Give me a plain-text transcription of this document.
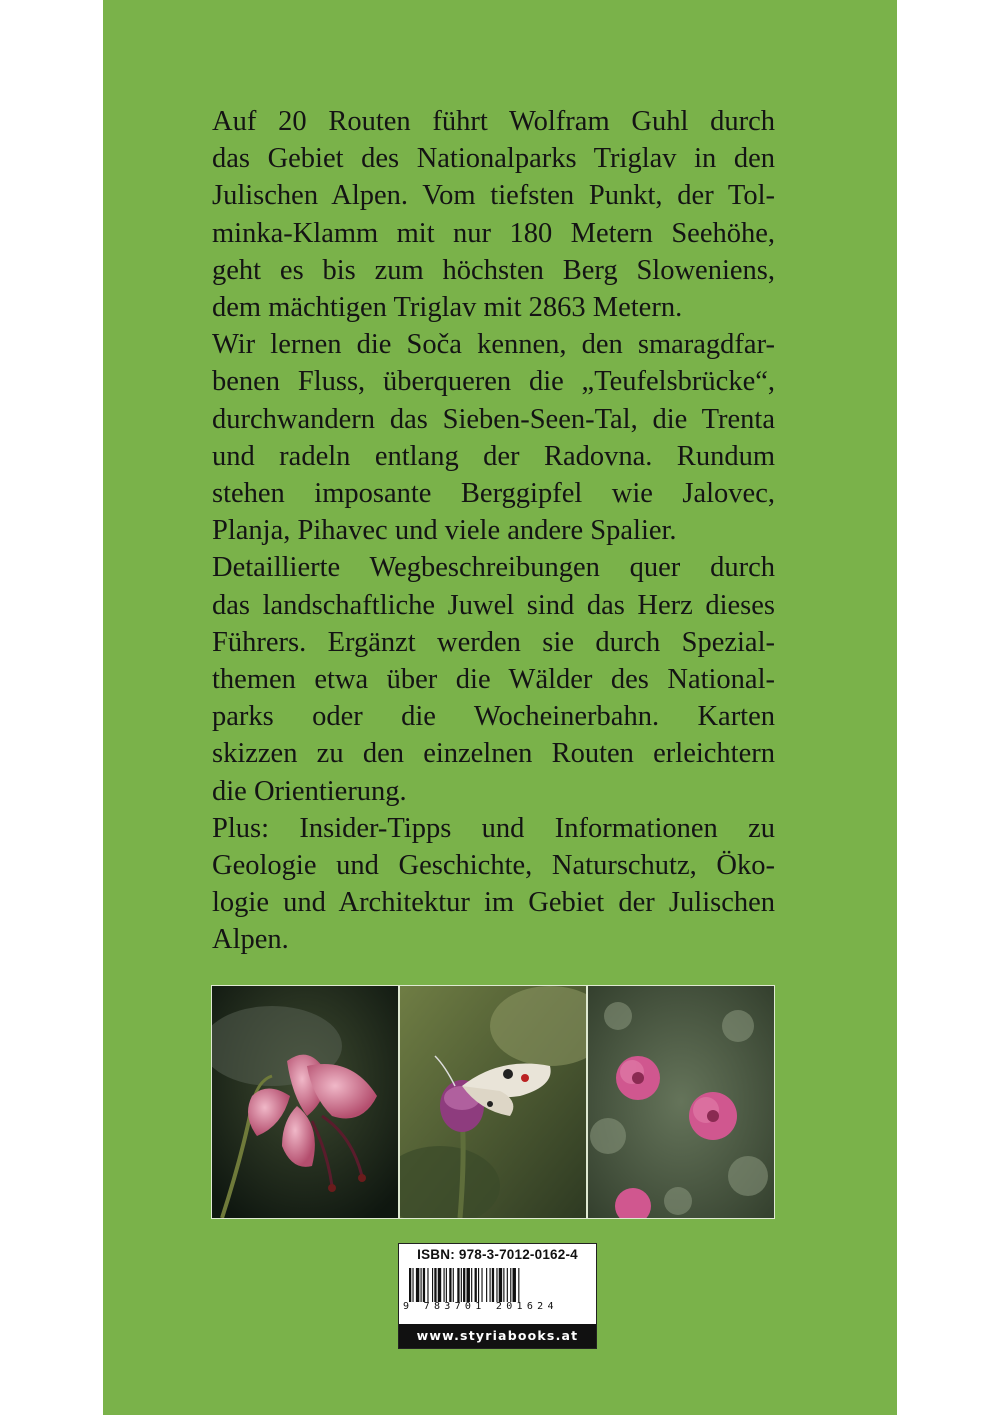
Auf 20 Routen führt Wolfram Guhl durch

das Gebiet des Nationalparks Triglav in den

Julischen Alpen. Vom tiefsten Punkt, der Tol-

minka-Klamm mit nur 180 Metern Seehöhe,

geht es bis zum höchsten Berg Sloweniens,

dem mächtigen Triglav mit 2863 Metern.

Wir lernen die Soča kennen, den smaragdfar-

benen Fluss, überqueren die „Teufelsbrücke“,

durchwandern das Sieben-Seen-Tal, die Trenta

und radeln entlang der Radovna. Rundum

stehen imposante Berggipfel wie Jalovec,

Planja, Pihavec und viele andere Spalier.

Detaillierte Wegbeschreibungen quer durch

das landschaftliche Juwel sind das Herz dieses

Führers. Ergänzt werden sie durch Spezial-

themen etwa über die Wälder des National-

parks oder die Wocheinerbahn. Karten

skizzen zu den einzelnen Routen erleichtern

die Orientierung.

Plus: Insider-Tipps und Informationen zu

Geologie und Geschichte, Naturschutz, Öko-

logie und Architektur im Gebiet der Julischen

Alpen.

ISBN: 978-3-7012-0162-4
9 783701 201624
www.styriabooks.at
